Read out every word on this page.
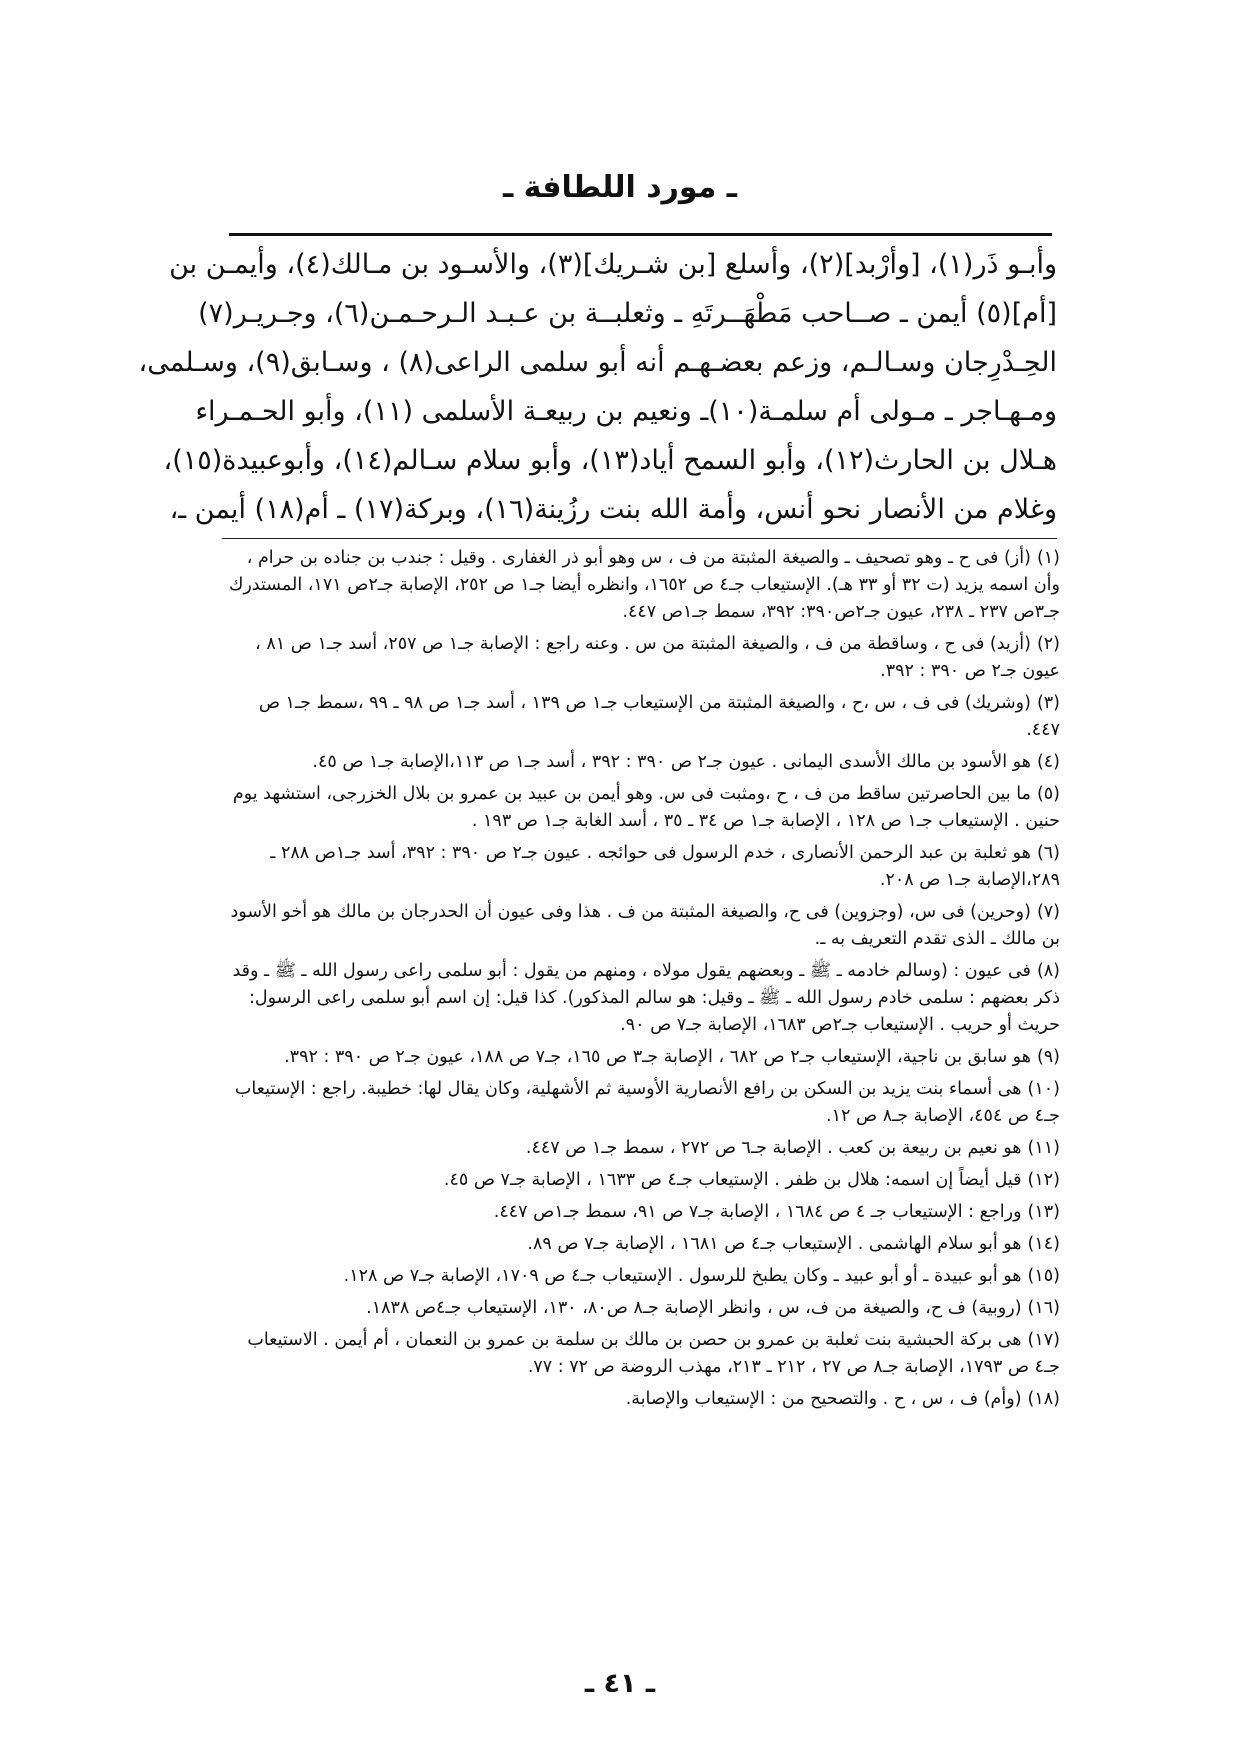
ـ مورد اللطافة ـ
وأبـو ذَر(١)، [وأرْبد](٢)، وأسلع [بن شـريك](٣)، والأسـود بن مـالك(٤)، وأيمـن بن
[أم](٥) أيمن ـ صــاحب مَطْهَــرتَهِ ـ وثعلبــة بن عـبـد الـرحـمـن(٦)، وجـريـر(٧)
الحِـدْرِجان وسـالـم، وزعم بعضـهـم أنه أبو سلمى الراعى(٨) ، وسـابق(٩)، وسـلمى،
ومـهـاجر ـ مـولى أم سلمـة(١٠)ـ ونعيم بن ربيعـة الأسلمى (١١)، وأبو الحـمـراء
هـلال بن الحارث(١٢)، وأبو السمح أياد(١٣)، وأبو سلام سـالم(١٤)، وأبوعبيدة(١٥)،
وغلام من الأنصار نحو أنس، وأمة الله بنت رزُينة(١٦)، وبركة(١٧) ـ أم(١٨) أيمن ـ،
(١)(أز) فى ح ـ وهو تصحيف ـ والصيغة المثبتة من ف ، س وهو أبو ذر الغفارى . وقيل : جندب بن جناده بن حرام ، وأن اسمه يزيد (ت ٣٢ أو ٣٣ هـ). الإستيعاب جـ٤ ص ١٦٥٢، وانظره أيضا جـ١ ص ٢٥٢، الإصابة جـ٢ص ١٧١، المستدرك جـ٣ص ٢٣٧ ـ ٢٣٨، عيون جـ٢ص٣٩٠: ٣٩٢، سمط جـ١ص ٤٤٧.
(٢)(أزيد) فى ح ، وساقطة من ف ، والصيغة المثبتة من س . وعنه راجع : الإصابة جـ١ ص ٢٥٧، أسد جـ١ ص ٨١ ، عيون جـ٢ ص ٣٩٠ : ٣٩٢.
(٣)(وشريك) فى ف ، س ،ح ، والصيغة المثبتة من الإستيعاب جـ١ ص ١٣٩ ، أسد جـ١ ص ٩٨ ـ ٩٩ ،سمط جـ١ ص ٤٤٧.
(٤)هو الأسود بن مالك الأسدى اليمانى . عيون جـ٢ ص ٣٩٠ : ٣٩٢ ، أسد جـ١ ص ١١٣،الإصابة جـ١ ص ٤٥.
(٥)ما بين الحاصرتين ساقط من ف ، ح ،ومثبت فى س. وهو أيمن بن عبيد بن عمرو بن بلال الخزرجى، استشهد يوم حنين . الإستيعاب جـ١ ص ١٢٨ ، الإصابة جـ١ ص ٣٤ ـ ٣٥ ، أسد الغابة جـ١ ص ١٩٣ .
(٦)هو ثعلبة بن عبد الرحمن الأنصارى ، خدم الرسول فى حوائجه . عيون جـ٢ ص ٣٩٠ : ٣٩٢، أسد جـ١ص ٢٨٨ ـ ٢٨٩،الإصابة جـ١ ص ٢٠٨.
(٧)(وحرين) فى س، (وجزوين) فى ح، والصيغة المثبتة من ف . هذا وفى عيون أن الحدرجان بن مالك هو أخو الأسود بن مالك ـ الذى تقدم التعريف به ـ.
(٨)فى عيون : (وسالم خادمه ـ ﷺ ـ وبعضهم يقول مولاه ، ومنهم من يقول : أبو سلمى راعى رسول الله ـ ﷺ ـ وقد ذكر بعضهم : سلمى خادم رسول الله ـ ﷺ ـ وقيل: هو سالم المذكور). كذا قيل: إن اسم أبو سلمى راعى الرسول: حريث أو حريب . الإستيعاب جـ٢ص ١٦٨٣، الإصابة جـ٧ ص ٩٠.
(٩)هو سابق بن ناجية، الإستيعاب جـ٢ ص ٦٨٢ ، الإصابة جـ٣ ص ١٦٥، جـ٧ ص ١٨٨، عيون جـ٢ ص ٣٩٠ : ٣٩٢.
(١٠)هى أسماء بنت يزيد بن السكن بن رافع الأنصارية الأوسية ثم الأشهلية، وكان يقال لها: خطيبة. راجع : الإستيعاب جـ٤ ص ٤٥٤، الإصابة جـ٨ ص ١٢.
(١١)هو نعيم بن ربيعة بن كعب . الإصابة جـ٦ ص ٢٧٢ ، سمط جـ١ ص ٤٤٧.
(١٢)قيل أيضاً إن اسمه: هلال بن ظفر . الإستيعاب جـ٤ ص ١٦٣٣ ، الإصابة جـ٧ ص ٤٥.
(١٣)وراجع : الإستيعاب جـ ٤ ص ١٦٨٤ ، الإصابة جـ٧ ص ٩١، سمط جـ١ص ٤٤٧.
(١٤)هو أبو سلام الهاشمى . الإستيعاب جـ٤ ص ١٦٨١ ، الإصابة جـ٧ ص ٨٩.
(١٥)هو أبو عبيدة ـ أو أبو عبيد ـ وكان يطبخ للرسول . الإستيعاب جـ٤ ص ١٧٠٩، الإصابة جـ٧ ص ١٢٨.
(١٦)(روبية) ف ح، والصيغة من ف، س ، وانظر الإصابة جـ٨ ص٨٠، ١٣٠، الإستيعاب جـ٤ص ١٨٣٨.
(١٧)هى بركة الحبشية بنت ثعلبة بن عمرو بن حصن بن مالك بن سلمة بن عمرو بن النعمان ، أم أيمن . الاستيعاب جـ٤ ص ١٧٩٣، الإصابة جـ٨ ص ٢٧ ، ٢١٢ ـ ٢١٣، مهذب الروضة ص ٧٢ : ٧٧.
(١٨)(وأم) ف ، س ، ح . والتصحيح من : الإستيعاب والإصابة.
ـ ٤١ ـ
